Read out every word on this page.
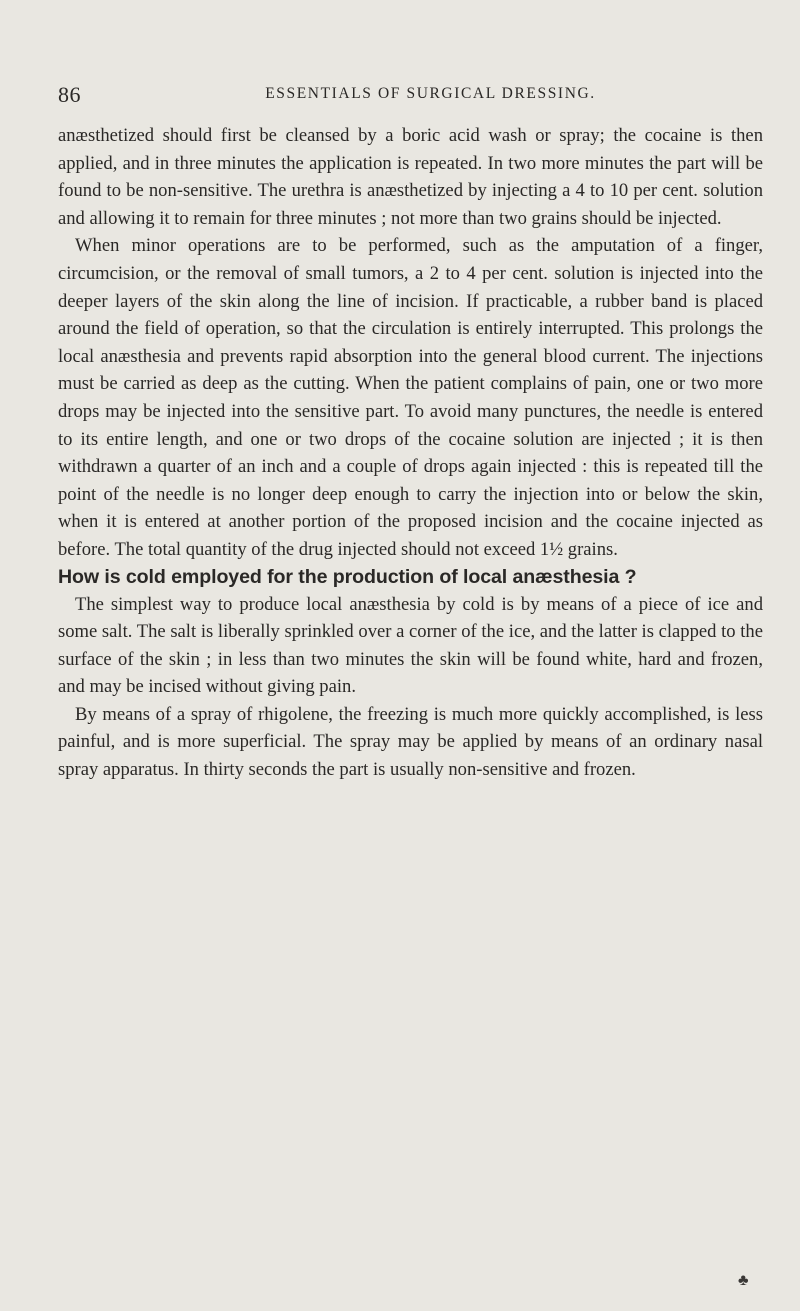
86	ESSENTIALS OF SURGICAL DRESSING.

anæsthetized should first be cleansed by a boric acid wash or spray; the cocaine is then applied, and in three minutes the application is repeated. In two more minutes the part will be found to be non-sensitive. The urethra is anæsthetized by injecting a 4 to 10 per cent. solution and allowing it to remain for three minutes ; not more than two grains should be injected.

When minor operations are to be performed, such as the amputation of a finger, circumcision, or the removal of small tumors, a 2 to 4 per cent. solution is injected into the deeper layers of the skin along the line of incision. If practicable, a rubber band is placed around the field of operation, so that the circulation is entirely interrupted. This prolongs the local anæsthesia and prevents rapid absorption into the general blood current. The injections must be carried as deep as the cutting. When the patient complains of pain, one or two more drops may be injected into the sensitive part. To avoid many punctures, the needle is entered to its entire length, and one or two drops of the cocaine solution are injected ; it is then withdrawn a quarter of an inch and a couple of drops again injected : this is repeated till the point of the needle is no longer deep enough to carry the injection into or below the skin, when it is entered at another portion of the proposed incision and the cocaine injected as before. The total quantity of the drug injected should not exceed 1½ grains.

How is cold employed for the production of local anæsthesia ?

The simplest way to produce local anæsthesia by cold is by means of a piece of ice and some salt. The salt is liberally sprinkled over a corner of the ice, and the latter is clapped to the surface of the skin ; in less than two minutes the skin will be found white, hard and frozen, and may be incised without giving pain.

By means of a spray of rhigolene, the freezing is much more quickly accomplished, is less painful, and is more superficial. The spray may be applied by means of an ordinary nasal spray apparatus. In thirty seconds the part is usually non-sensitive and frozen.

♣
